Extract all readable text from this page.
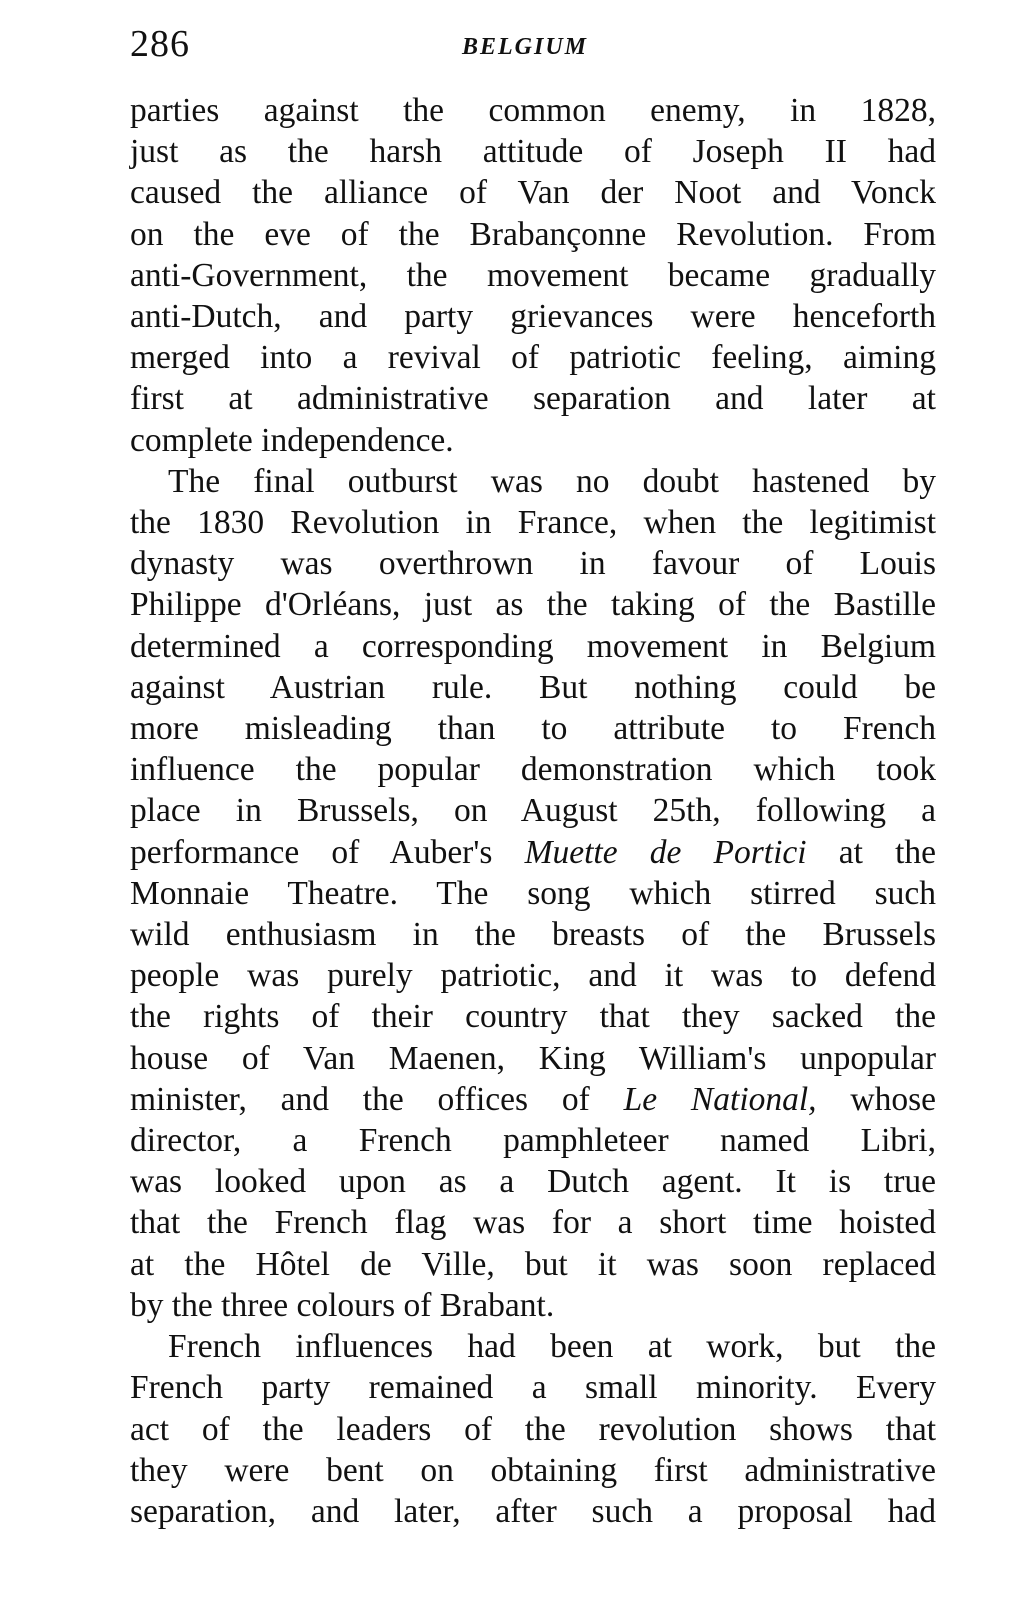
286	BELGIUM
parties against the common enemy, in 1828,
just as the harsh attitude of Joseph II had
caused the alliance of Van der Noot and Vonck
on the eve of the Brabançonne Revolution. From
anti-Government, the movement became gradually
anti-Dutch, and party grievances were henceforth
merged into a revival of patriotic feeling, aiming
first at administrative separation and later at
complete independence.
The final outburst was no doubt hastened by
the 1830 Revolution in France, when the legitimist
dynasty was overthrown in favour of Louis
Philippe d'Orléans, just as the taking of the Bastille
determined a corresponding movement in Belgium
against Austrian rule. But nothing could be
more misleading than to attribute to French
influence the popular demonstration which took
place in Brussels, on August 25th, following a
performance of Auber's Muette de Portici at the
Monnaie Theatre. The song which stirred such
wild enthusiasm in the breasts of the Brussels
people was purely patriotic, and it was to defend
the rights of their country that they sacked the
house of Van Maenen, King William's unpopular
minister, and the offices of Le National, whose
director, a French pamphleteer named Libri,
was looked upon as a Dutch agent. It is true
that the French flag was for a short time hoisted
at the Hôtel de Ville, but it was soon replaced
by the three colours of Brabant.
French influences had been at work, but the
French party remained a small minority. Every
act of the leaders of the revolution shows that
they were bent on obtaining first administrative
separation, and later, after such a proposal had
